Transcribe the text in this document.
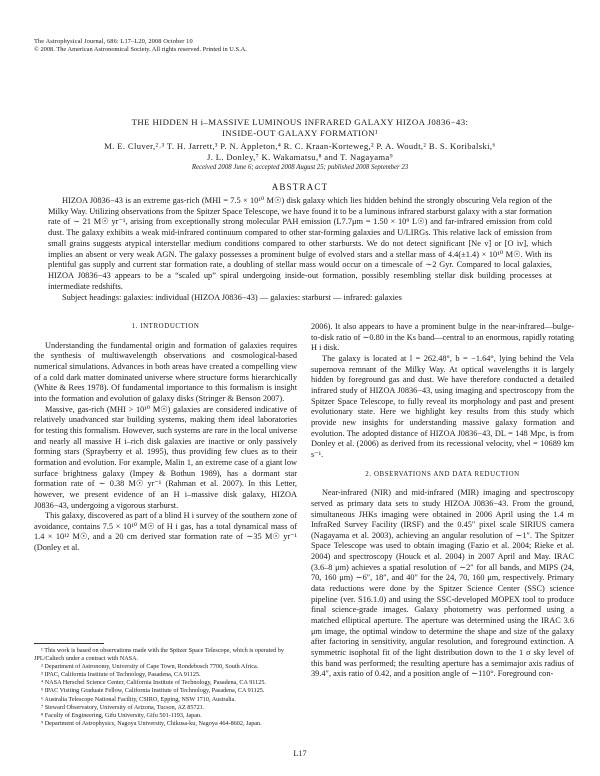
The Astrophysical Journal, 686: L17–L20, 2008 October 10
© 2008. The American Astronomical Society. All rights reserved. Printed in U.S.A.
THE HIDDEN H i–MASSIVE LUMINOUS INFRARED GALAXY HIZOA J0836−43:
INSIDE-OUT GALAXY FORMATION¹
M. E. Cluver,²˒³ T. H. Jarrett,³ P. N. Appleton,⁴ R. C. Kraan-Korteweg,² P. A. Woudt,² B. S. Koribalski,⁶
J. L. Donley,⁷ K. Wakamatsu,⁸ and T. Nagayama⁹
Received 2008 June 6; accepted 2008 August 25; published 2008 September 23
ABSTRACT

HIZOA J0836−43 is an extreme gas-rich (MHI = 7.5 × 10¹⁰ M☉) disk galaxy which lies hidden behind the strongly obscuring Vela region of the Milky Way. Utilizing observations from the Spitzer Space Telescope, we have found it to be a luminous infrared starburst galaxy with a star formation rate of ∼ 21 M☉ yr⁻¹, arising from exceptionally strong molecular PAH emission (L7.7μm = 1.50 × 10⁹ L☉) and far-infrared emission from cold dust. The galaxy exhibits a weak mid-infrared continuum compared to other star-forming galaxies and U/LIRGs. This relative lack of emission from small grains suggests atypical interstellar medium conditions compared to other starbursts. We do not detect significant [Ne v] or [O iv], which implies an absent or very weak AGN. The galaxy possesses a prominent bulge of evolved stars and a stellar mass of 4.4(±1.4) × 10¹⁰ M☉. With its plentiful gas supply and current star formation rate, a doubling of stellar mass would occur on a timescale of ∼2 Gyr. Compared to local galaxies, HIZOA J0836−43 appears to be a “scaled up” spiral undergoing inside-out formation, possibly resembling stellar disk building processes at intermediate redshifts.

Subject headings: galaxies: individual (HIZOA J0836−43) — galaxies: starburst — infrared: galaxies

1. INTRODUCTION

Understanding the fundamental origin and formation of galaxies requires the synthesis of multiwavelength observations and cosmological-based numerical simulations. Advances in both areas have created a compelling view of a cold dark matter dominated universe where structure forms hierarchically (White & Rees 1978). Of fundamental importance to this formalism is insight into the formation and evolution of galaxy disks (Stringer & Benson 2007).

Massive, gas-rich (MHI > 10¹⁰ M☉) galaxies are considered indicative of relatively unadvanced star building systems, making them ideal laboratories for testing this formalism. However, such systems are rare in the local universe and nearly all massive H i–rich disk galaxies are inactive or only passively forming stars (Sprayberry et al. 1995), thus providing few clues as to their formation and evolution. For example, Malin 1, an extreme case of a giant low surface brightness galaxy (Impey & Bothun 1989), has a dormant star formation rate of ∼ 0.38 M☉ yr⁻¹ (Rahman et al. 2007). In this Letter, however, we present evidence of an H i–massive disk galaxy, HIZOA J0836−43, undergoing a vigorous starburst.

This galaxy, discovered as part of a blind H i survey of the southern zone of avoidance, contains 7.5 × 10¹⁰ M☉ of H i gas, has a total dynamical mass of 1.4 × 10¹² M☉, and a 20 cm derived star formation rate of ∼35 M☉ yr⁻¹ (Donley et al.

2006). It also appears to have a prominent bulge in the near-infrared—bulge-to-disk ratio of ∼0.80 in the Ks band—central to an enormous, rapidly rotating H i disk.

The galaxy is located at l = 262.48°, b = −1.64°, lying behind the Vela supernova remnant of the Milky Way. At optical wavelengths it is largely hidden by foreground gas and dust. We have therefore conducted a detailed infrared study of HIZOA J0836−43, using imaging and spectroscopy from the Spitzer Space Telescope, to fully reveal its morphology and past and present evolutionary state. Here we highlight key results from this study which provide new insights for understanding massive galaxy formation and evolution. The adopted distance of HIZOA J0836−43, DL = 148 Mpc, is from Donley et al. (2006) as derived from its recessional velocity, vhel = 10689 km s⁻¹.

2. OBSERVATIONS AND DATA REDUCTION

Near-infrared (NIR) and mid-infrared (MIR) imaging and spectroscopy served as primary data sets to study HIZOA J0836−43. From the ground, simultaneous JHKs imaging were obtained in 2006 April using the 1.4 m InfraRed Survey Facility (IRSF) and the 0.45″ pixel scale SIRIUS camera (Nagayama et al. 2003), achieving an angular resolution of ∼1″. The Spitzer Space Telescope was used to obtain imaging (Fazio et al. 2004; Rieke et al. 2004) and spectroscopy (Houck et al. 2004) in 2007 April and May. IRAC (3.6–8 μm) achieves a spatial resolution of ∼2″ for all bands, and MIPS (24, 70, 160 μm) ∼6″, 18″, and 40″ for the 24, 70, 160 μm, respectively. Primary data reductions were done by the Spitzer Science Center (SSC) science pipeline (ver. S16.1.0) and using the SSC-developed MOPEX tool to produce final science-grade images. Galaxy photometry was performed using a matched elliptical aperture. The aperture was determined using the IRAC 3.6 μm image, the optimal window to determine the shape and size of the galaxy after factoring in sensitivity, angular resolution, and foreground extinction. A symmetric isophotal fit of the light distribution down to the 1 σ sky level of this band was performed; the resulting aperture has a semimajor axis radius of 39.4″, axis ratio of 0.42, and a position angle of ∼110°. Foreground con-

¹ This work is based on observations made with the Spitzer Space Telescope, which is operated by JPL/Caltech under a contract with NASA.

² Department of Astronomy, University of Cape Town, Rondebosch 7700, South Africa.

³ IPAC, California Institute of Technology, Pasadena, CA 91125.

⁴ NASA Herschel Science Center, California Institute of Technology, Pasadena, CA 91125.

⁵ IPAC Visiting Graduate Fellow, California Institute of Technology, Pasadena, CA 91125.

⁶ Australia Telescope National Facility, CSIRO, Epping, NSW 1710, Australia.

⁷ Steward Observatory, University of Arizona, Tucson, AZ 85721.

⁸ Faculty of Engineering, Gifu University, Gifu 501-1193, Japan.

⁹ Department of Astrophysics, Nagoya University, Chikusa-ku, Nagoya 464-8602, Japan.

L17
